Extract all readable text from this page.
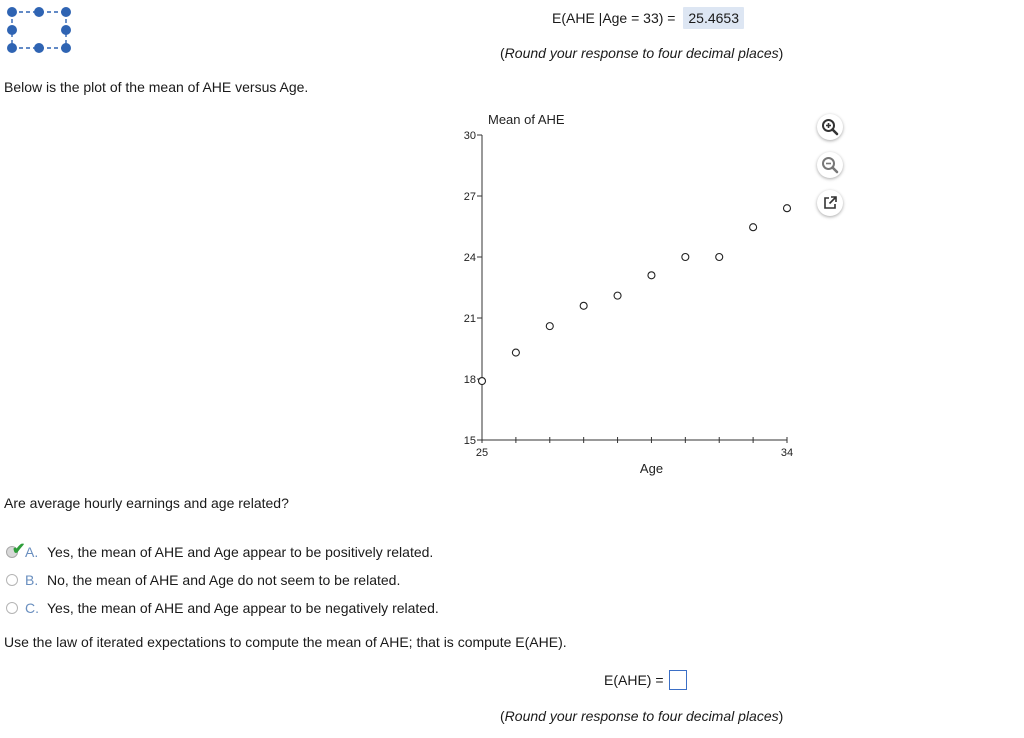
E(AHE |Age = 33) = 25.4653
(Round your response to four decimal places)
Below is the plot of the mean of AHE versus Age.
15
18
21
24
27
30
25	34
Mean of AHE
Age
Are average hourly earnings and age related?
✔ A. Yes, the mean of AHE and Age appear to be positively related.
B. No, the mean of AHE and Age do not seem to be related.
C. Yes, the mean of AHE and Age appear to be negatively related.
Use the law of iterated expectations to compute the mean of AHE; that is compute E(AHE).
E(AHE) =
(Round your response to four decimal places)
